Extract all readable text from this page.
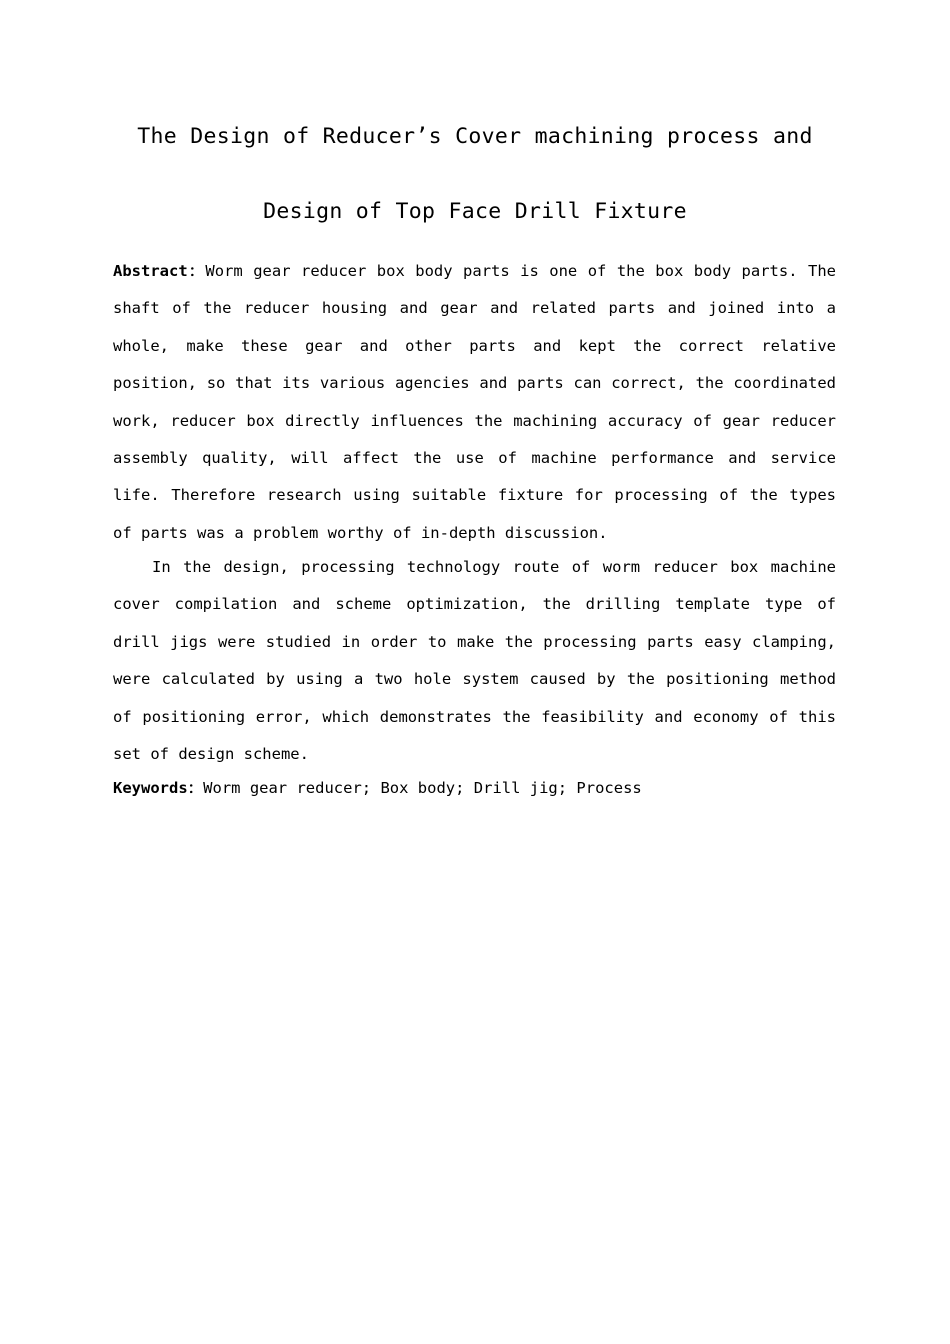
The Design of Reducer’s Cover machining process and
Design of Top Face Drill Fixture

Abstract：Worm gear reducer box body parts is one of the box body parts. The shaft of the reducer housing and gear and related parts and joined into a whole, make these gear and other parts and kept the correct relative position, so that its various agencies and parts can correct, the coordinated work, reducer box directly influences the machining accuracy of gear reducer assembly quality, will affect the use of machine performance and service life. Therefore research using suitable fixture for processing of the types of parts was a problem worthy of in-depth discussion.

In the design, processing technology route of worm reducer box machine cover compilation and scheme optimization, the drilling template type of drill jigs were studied in order to make the processing parts easy clamping, were calculated by using a two hole system caused by the positioning method of positioning error, which demonstrates the feasibility and economy of this set of design scheme.

Keywords：Worm gear reducer; Box body; Drill jig; Process
